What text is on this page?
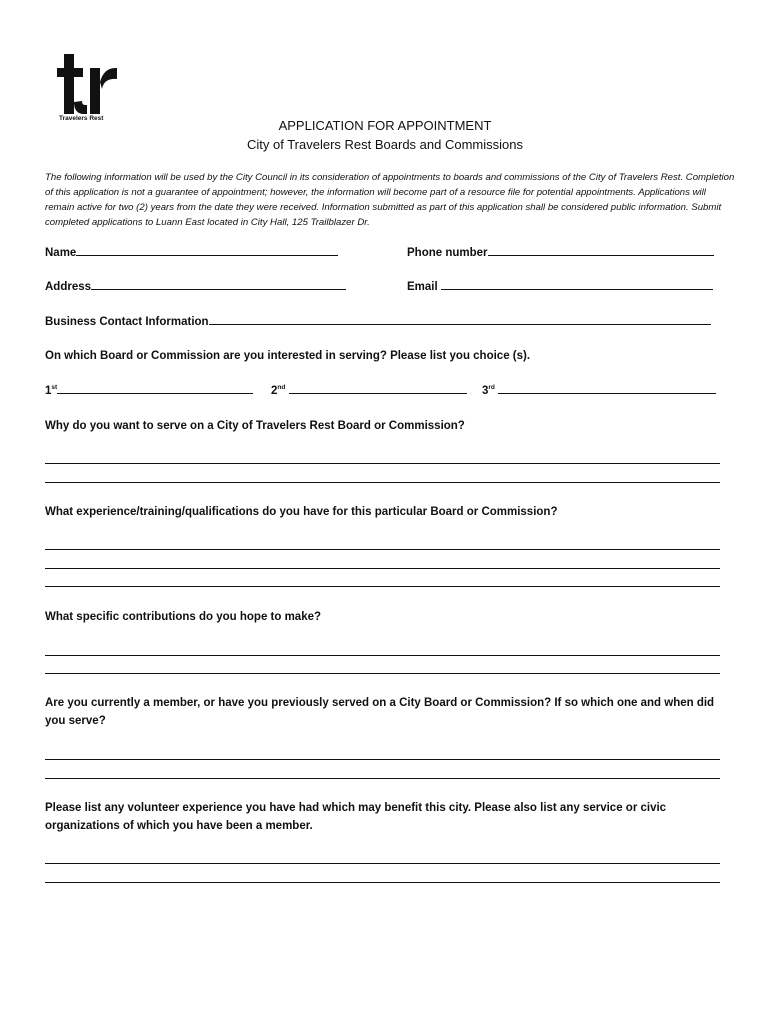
Travelers Rest	APPLICATION FOR APPOINTMENT
City of Travelers Rest Boards and Commissions
The following information will be used by the City Council in its consideration of appointments to boards and commissions of the City of Travelers Rest. Completion of this application is not a guarantee of appointment; however, the information will become part of a resource file for potential appointments. Applications will remain active for two (2) years from the date they were received. Information submitted as part of this application shall be considered public information. Submit completed applications to Luann East located in City Hall, 125 Trailblazer Dr.
Name	Phone number
Address	Email
Business Contact Information
On which Board or Commission are you interested in serving? Please list you choice (s).
1st	2nd	3rd
Why do you want to serve on a City of Travelers Rest Board or Commission?
What experience/training/qualifications do you have for this particular Board or Commission?
What specific contributions do you hope to make?
Are you currently a member, or have you previously served on a City Board or Commission? If so which one and when did you serve?
Please list any volunteer experience you have had which may benefit this city. Please also list any service or civic organizations of which you have been a member.
